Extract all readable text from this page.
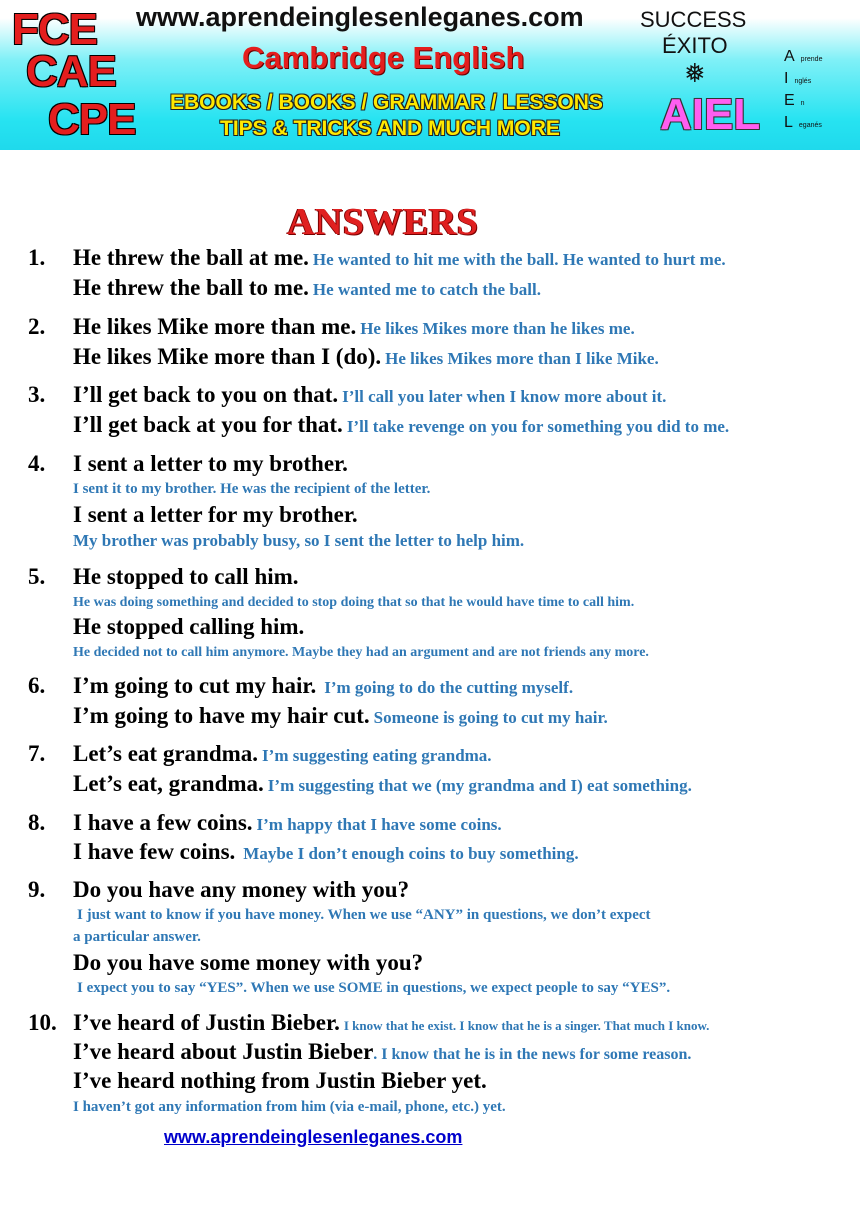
FCE
CAE
CPE
www.aprendeinglesenleganes.com
Cambridge English
EBOOKS / BOOKS / GRAMMAR / LESSONS
TIPS & TRICKS AND MUCH MORE
SUCCESS
ÉXITO
❅
AIEL
Aprende
Inglés
En
Leganés
ANSWERS
1. He threw the ball at me. He wanted to hit me with the ball. He wanted to hurt me.
He threw the ball to me. He wanted me to catch the ball.
2. He likes Mike more than me. He likes Mikes more than he likes me.
He likes Mike more than I (do). He likes Mikes more than I like Mike.
3. I’ll get back to you on that. I’ll call you later when I know more about it.
I’ll get back at you for that. I’ll take revenge on you for something you did to me.
4. I sent a letter to my brother.
I sent it to my brother. He was the recipient of the letter.
I sent a letter for my brother.
My brother was probably busy, so I sent the letter to help him.
5. He stopped to call him.
He was doing something and decided to stop doing that so that he would have time to call him.
He stopped calling him.
He decided not to call him anymore. Maybe they had an argument and are not friends any more.
6. I’m going to cut my hair. I’m going to do the cutting myself.
I’m going to have my hair cut. Someone is going to cut my hair.
7. Let’s eat grandma. I’m suggesting eating grandma.
Let’s eat, grandma. I’m suggesting that we (my grandma and I) eat something.
8. I have a few coins. I’m happy that I have some coins.
I have few coins. Maybe I don’t enough coins to buy something.
9. Do you have any money with you?
I just want to know if you have money. When we use “ANY” in questions, we don’t expect
a particular answer.
Do you have some money with you?
I expect you to say “YES”. When we use SOME in questions, we expect people to say “YES”.
10. I’ve heard of Justin Bieber. I know that he exist. I know that he is a singer. That much I know.
I’ve heard about Justin Bieber. I know that he is in the news for some reason.
I’ve heard nothing from Justin Bieber yet.
I haven’t got any information from him (via e-mail, phone, etc.) yet.
www.aprendeinglesenleganes.com
